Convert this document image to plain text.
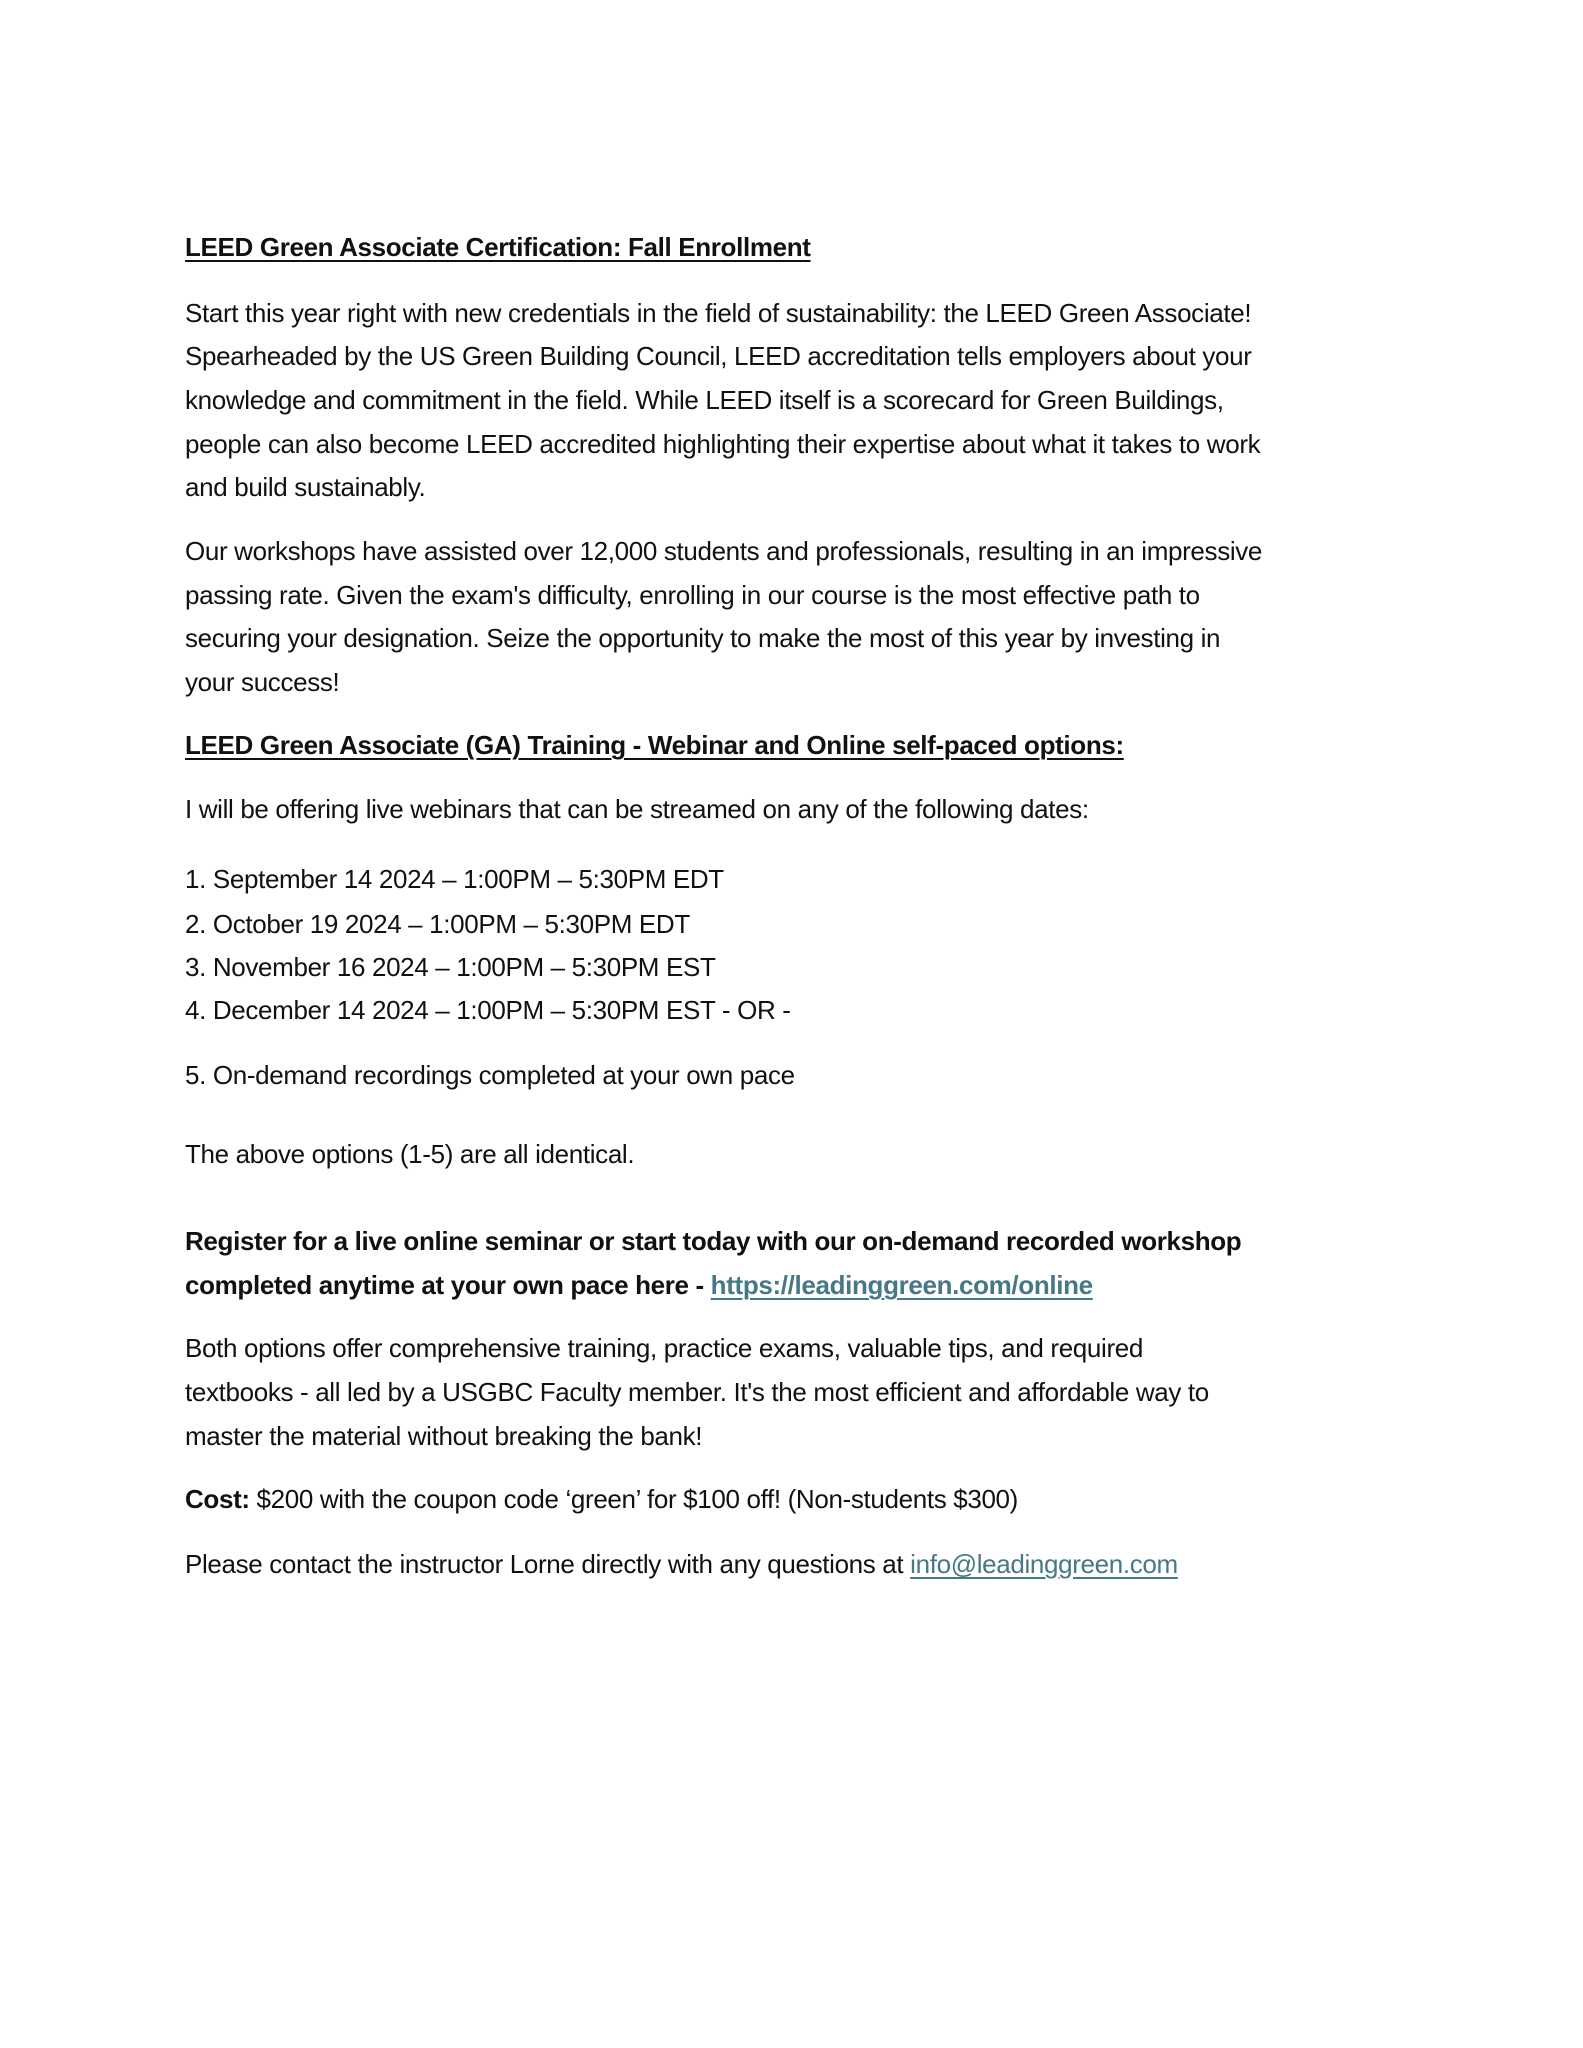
LEED Green Associate Certification: Fall Enrollment
Start this year right with new credentials in the field of sustainability: the LEED Green Associate!
Spearheaded by the US Green Building Council, LEED accreditation tells employers about your
knowledge and commitment in the field. While LEED itself is a scorecard for Green Buildings,
people can also become LEED accredited highlighting their expertise about what it takes to work
and build sustainably.
Our workshops have assisted over 12,000 students and professionals, resulting in an impressive
passing rate. Given the exam's difficulty, enrolling in our course is the most effective path to
securing your designation. Seize the opportunity to make the most of this year by investing in
your success!
LEED Green Associate (GA) Training - Webinar and Online self-paced options:
I will be offering live webinars that can be streamed on any of the following dates:
1. September 14 2024 – 1:00PM – 5:30PM EDT
2. October 19 2024 – 1:00PM – 5:30PM EDT
3. November 16 2024 – 1:00PM – 5:30PM EST
4. December 14 2024 – 1:00PM – 5:30PM EST - OR -
5. On-demand recordings completed at your own pace
The above options (1-5) are all identical.
Register for a live online seminar or start today with our on-demand recorded workshop
completed anytime at your own pace here - https://leadinggreen.com/online
Both options offer comprehensive training, practice exams, valuable tips, and required
textbooks - all led by a USGBC Faculty member. It's the most efficient and affordable way to
master the material without breaking the bank!
Cost: $200 with the coupon code ‘green’ for $100 off! (Non-students $300)
Please contact the instructor Lorne directly with any questions at info@leadinggreen.com
